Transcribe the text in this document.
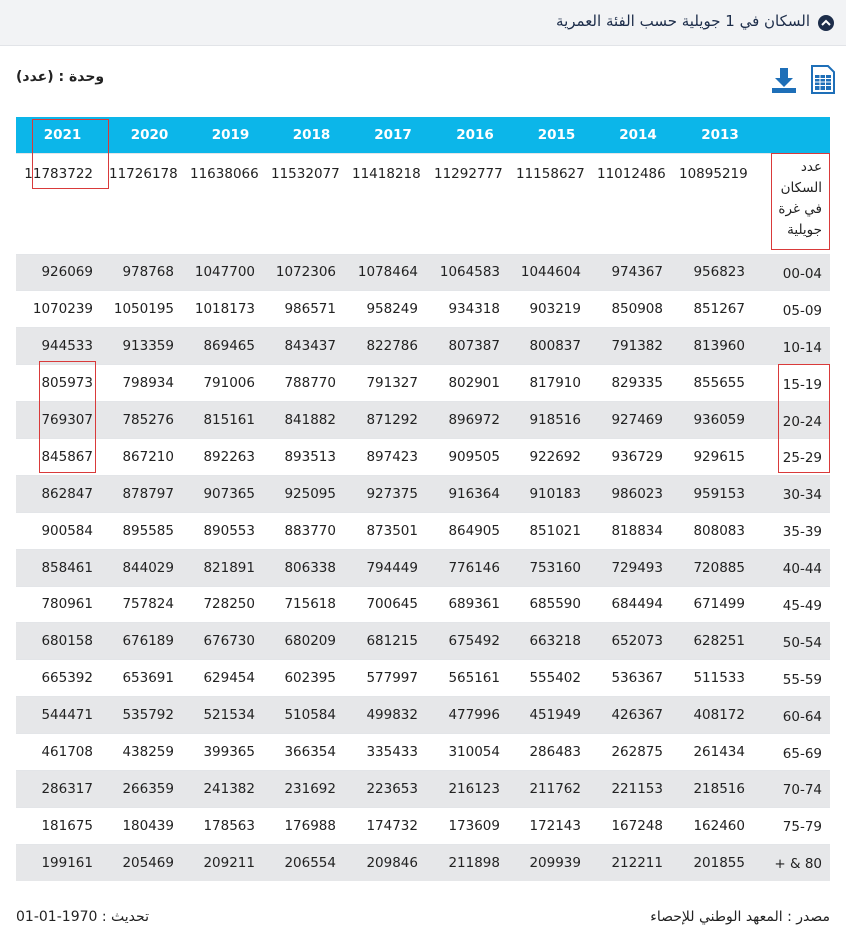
السكان في 1 جويلية حسب الفئة العمرية
وحدة : (عدد)
2021	2020	2019	2018	2017	2016	2015	2014	2013	
11783722	11726178	11638066	11532077	11418218	11292777	11158627	11012486	10895219	عدد السكان في غرة جويلية
926069	978768	1047700	1072306	1078464	1064583	1044604	974367	956823	00-04
1070239	1050195	1018173	986571	958249	934318	903219	850908	851267	05-09
944533	913359	869465	843437	822786	807387	800837	791382	813960	10-14
805973	798934	791006	788770	791327	802901	817910	829335	855655	15-19
769307	785276	815161	841882	871292	896972	918516	927469	936059	20-24
845867	867210	892263	893513	897423	909505	922692	936729	929615	25-29
862847	878797	907365	925095	927375	916364	910183	986023	959153	30-34
900584	895585	890553	883770	873501	864905	851021	818834	808083	35-39
858461	844029	821891	806338	794449	776146	753160	729493	720885	40-44
780961	757824	728250	715618	700645	689361	685590	684494	671499	45-49
680158	676189	676730	680209	681215	675492	663218	652073	628251	50-54
665392	653691	629454	602395	577997	565161	555402	536367	511533	55-59
544471	535792	521534	510584	499832	477996	451949	426367	408172	60-64
461708	438259	399365	366354	335433	310054	286483	262875	261434	65-69
286317	266359	241382	231692	223653	216123	211762	221153	218516	70-74
181675	180439	178563	176988	174732	173609	172143	167248	162460	75-79
199161	205469	209211	206554	209846	211898	209939	212211	201855	80 & +
مصدر : المعهد الوطني للإحصاء
تحديث : 1970-01-01
